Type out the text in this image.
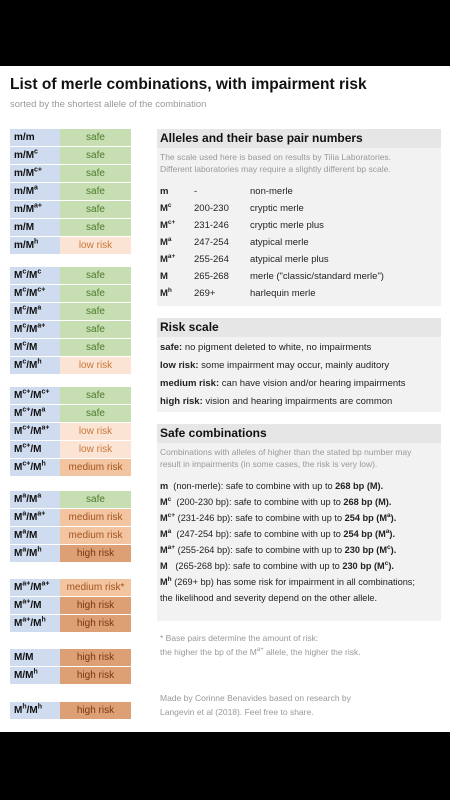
List of merle combinations, with impairment risk
sorted by the shortest allele of the combination
m/m	safe
$m/M^c$	safe
$m/M^{c+}$	safe
$m/M^a$	safe
$m/M^{a+}$	safe
m/M	safe
$m/M^h$	low risk
$M^c/M^c$	safe
$M^c/M^{c+}$	safe
$M^c/M^a$	safe
$M^c/M^{a+}$	safe
$M^c/M$	safe
$M^c/M^h$	low risk
$M^{c+}/M^{c+}$	safe
$M^{c+}/M^a$	safe
$M^{c+}/M^{a+}$	low risk
$M^{c+}/M$	low risk
$M^{c+}/M^h$	medium risk
$M^a/M^a$	safe
$M^a/M^{a+}$	medium risk
$M^a/M$	medium risk
$M^a/M^h$	high risk
$M^{a+}/M^{a+}$	medium risk*
$M^{a+}/M$	high risk
$M^{a+}/M^h$	high risk
M/M	high risk
$M/M^h$	high risk
$M^h/M^h$	high risk
Alleles and their base pair numbers
The scale used here is based on results by Tilia Laboratories.
Different laboratories may require a slightly different bp scale.
m	-	non-merle
$M^c$	200-230	cryptic merle
$M^{c+}$	231-246	cryptic merle plus
$M^a$	247-254	atypical merle
$M^{a+}$	255-264	atypical merle plus
M	265-268	merle ("classic/standard merle")
$M^h$	269+	harlequin merle
Risk scale
safe: no pigment deleted to white, no impairments
low risk: some impairment may occur, mainly auditory
medium risk: can have vision and/or hearing impairments
high risk: vision and hearing impairments are common
Safe combinations
Combinations with alleles of higher than the stated bp number may
result in impairments (in some cases, the risk is very low).
m  (non-merle): safe to combine with up to 268 bp (M).
$M^c$  (200-230 bp): safe to combine with up to 268 bp (M).
$M^{c+}$ (231-246 bp): safe to combine with up to 254 bp $(M^a)$.
$M^a$  (247-254 bp): safe to combine with up to 254 bp $(M^a)$.
$M^{a+}$ (255-264 bp): safe to combine with up to 230 bp $(M^c)$.
M   (265-268 bp): safe to combine with up to 230 bp $(M^c)$.
$M^h$ (269+ bp) has some risk for impairment in all combinations;
the likelihood and severity depend on the other allele.
* Base pairs determine the amount of risk:
the higher the bp of the $M^{a+}$ allele, the higher the risk.
Made by Corinne Benavides based on research by
Langevin et al (2018). Feel free to share.
